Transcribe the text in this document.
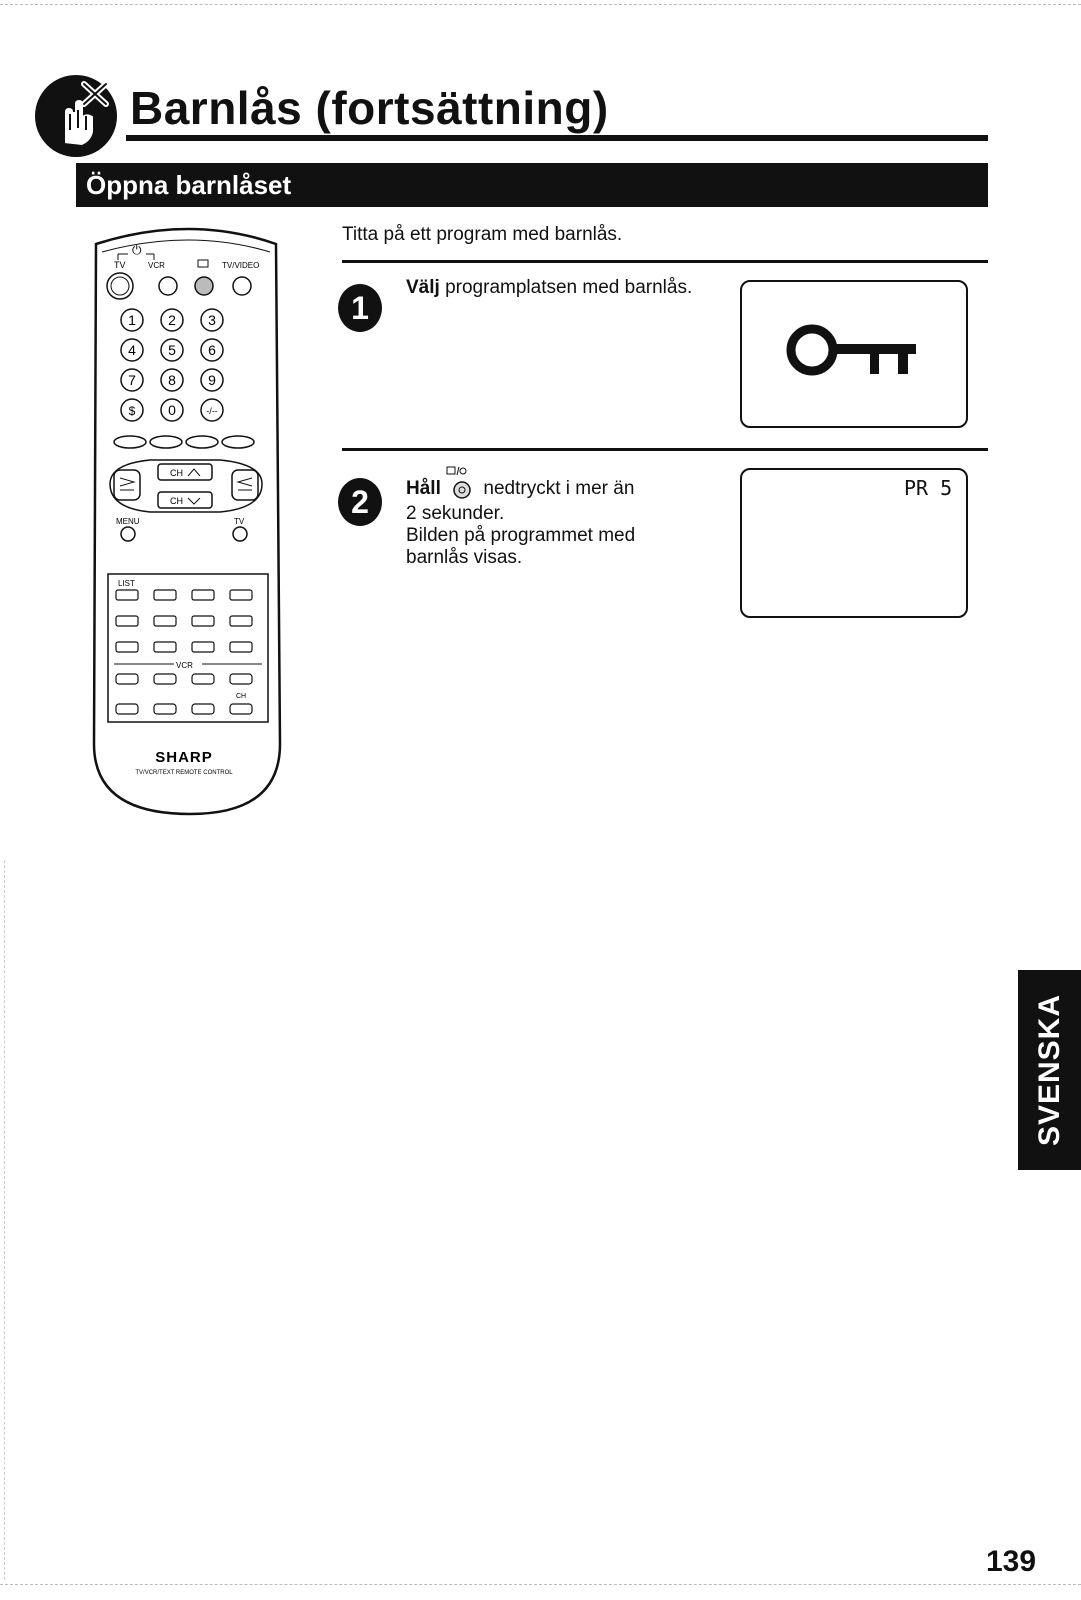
Barnlås (fortsättning)
Öppna barnlåset
⏻
TV	VCR	TV/VIDEO
1 2 3
4 5 6
7 8 9
$ 0	-/--
CH
CH
MENU	TV
LIST
VCR
CH
SHARP
TV/VCR/TEXT REMOTE CONTROL
Titta på ett program med barnlås.
1
Välj programplatsen med barnlås.
2 Håll  nedtryckt i mer än
2 sekunder.
Bilden på programmet med
barnlås visas.
PR 5
SVENSKA
139
